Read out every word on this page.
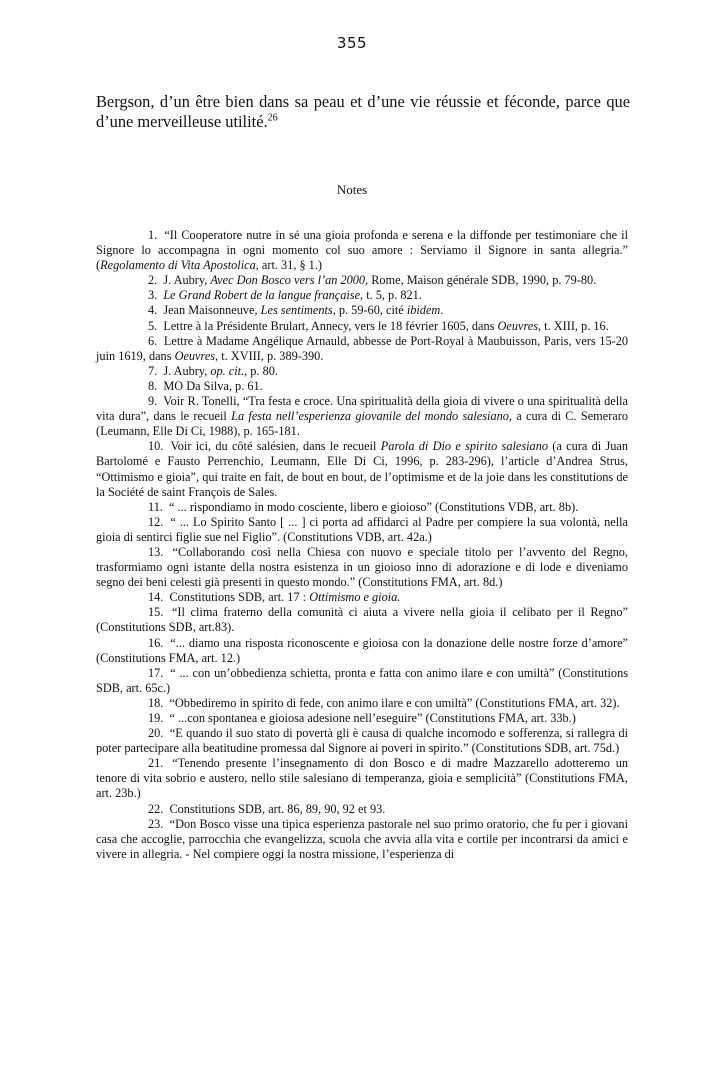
355
Bergson, d’un être bien dans sa peau et d’une vie réussie et féconde, parce que d’une merveilleuse utilité.$^{26}$
Notes

1. “Il Cooperatore nutre in sé una gioia profonda e serena e la diffonde per testimoniare che il Signore lo accompagna in ogni momento col suo amore : Serviamo il Signore in santa allegria.” (Regolamento di Vita Apostolica, art. 31, § 1.)

2. J. Aubry, Avec Don Bosco vers l’an 2000, Rome, Maison générale SDB, 1990, p. 79-80.

3. Le Grand Robert de la langue française, t. 5, p. 821.

4. Jean Maisonneuve, Les sentiments, p. 59-60, cité ibidem.

5. Lettre à la Présidente Brulart, Annecy, vers le 18 février 1605, dans Oeuvres, t. XIII, p. 16.

6. Lettre à Madame Angélique Arnauld, abbesse de Port-Royal à Maubuisson, Paris, vers 15-20 juin 1619, dans Oeuvres, t. XVIII, p. 389-390.

7. J. Aubry, op. cit., p. 80.

8. MO Da Silva, p. 61.

9. Voir R. Tonelli, “Tra festa e croce. Una spiritualità della gioia di vivere o una spiritualità della vita dura”, dans le recueil La festa nell’esperienza giovanile del mondo salesiano, a cura di C. Semeraro (Leumann, Elle Di Ci, 1988), p. 165-181.

10. Voir ici, du côté salésien, dans le recueil Parola di Dio e spirito salesiano (a cura di Juan Bartolomé e Fausto Perrenchio, Leumann, Elle Di Ci, 1996, p. 283-296), l’article d’Andrea Strus, “Ottimismo e gioia”, qui traite en fait, de bout en bout, de l’optimisme et de la joie dans les constitutions de la Société de saint François de Sales.

11. “ ... rispondiamo in modo cosciente, libero e gioioso” (Constitutions VDB, art. 8b).

12. “ ... Lo Spirito Santo [ ... ] ci porta ad affidarci al Padre per compiere la sua volontà, nella gioia di sentirci figlie sue nel Figlio”. (Constitutions VDB, art. 42a.)

13. “Collaborando così nella Chiesa con nuovo e speciale titolo per l’avvento del Regno, trasformiamo ogni istante della nostra esistenza in un gioioso inno di adorazione e di lode e diveniamo segno dei beni celesti già presenti in questo mondo.” (Constitutions FMA, art. 8d.)

14. Constitutions SDB, art. 17 : Ottimismo e gioia.

15. “Il clima fraterno della comunità ci aiuta a vivere nella gioia il celibato per il Regno” (Constitutions SDB, art.83).

16. “... diamo una risposta riconoscente e gioiosa con la donazione delle nostre forze d’amore” (Constitutions FMA, art. 12.)

17. “ ... con un’obbedienza schietta, pronta e fatta con animo ilare e con umiltà” (Constitutions SDB, art. 65c.)

18. “Obbediremo in spirito di fede, con animo ilare e con umiltà” (Constitutions FMA, art. 32).

19. “ ...con spontanea e gioiosa adesione nell’eseguire” (Constitutions FMA, art. 33b.)

20. “E quando il suo stato di povertà gli è causa di qualche incomodo e sofferenza, si rallegra di poter partecipare alla beatitudine promessa dal Signore ai poveri in spirito.” (Constitutions SDB, art. 75d.)

21. “Tenendo presente l’insegnamento di don Bosco e di madre Mazzarello adotteremo un tenore di vita sobrio e austero, nello stile salesiano di temperanza, gioia e semplicità” (Constitutions FMA, art. 23b.)

22. Constitutions SDB, art. 86, 89, 90, 92 et 93.

23. “Don Bosco visse una tipica esperienza pastorale nel suo primo oratorio, che fu per i giovani casa che accoglie, parrocchia che evangelizza, scuola che avvia alla vita e cortile per incontrarsi da amici e vivere in allegria. - Nel compiere oggi la nostra missione, l’esperienza di
